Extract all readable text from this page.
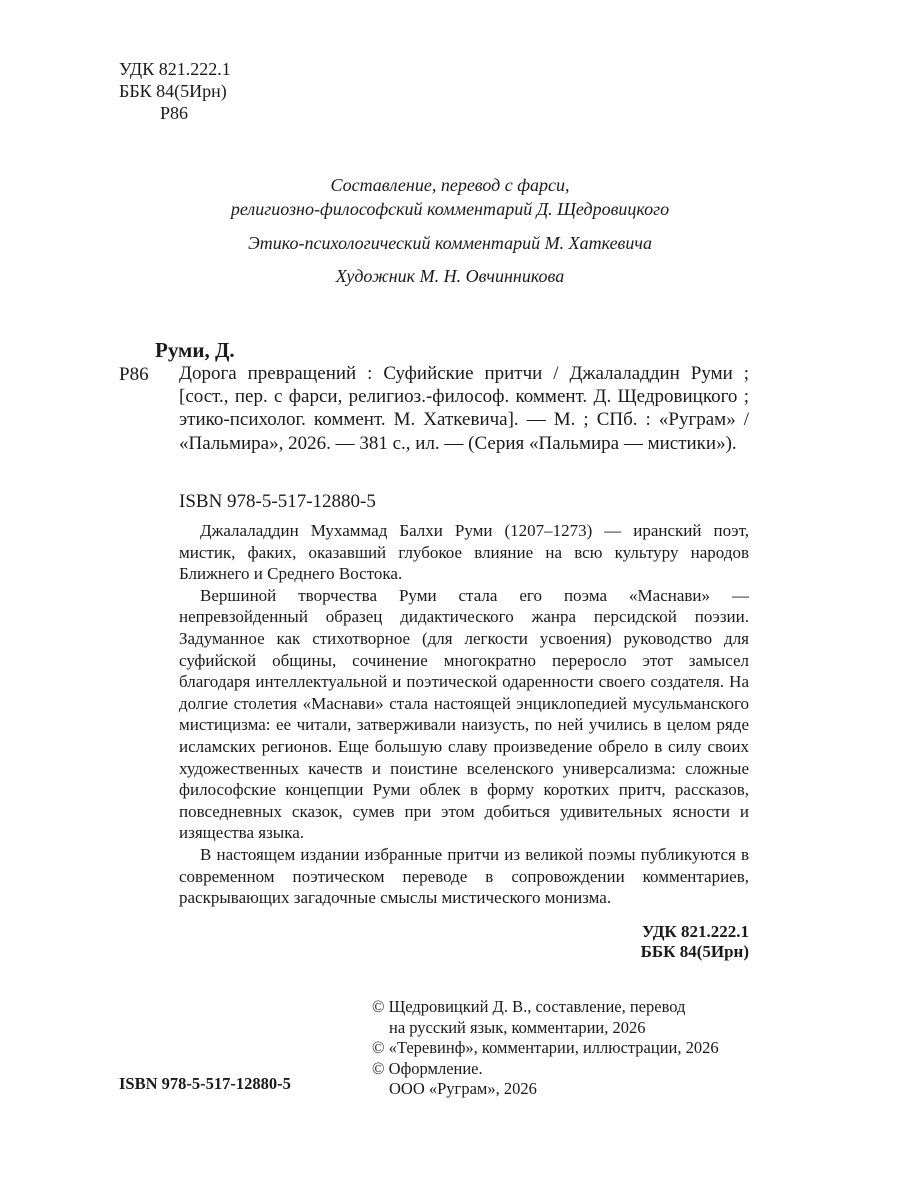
УДК 821.222.1
ББК 84(5Ирн)
Р86
Составление, перевод с фарси,
религиозно-философский комментарий Д. Щедровицкого
Этико-психологический комментарий М. Хаткевича
Художник М. Н. Овчинникова
Руми, Д.
Р86 Дорога превращений : Суфийские притчи / Джалаладдин Руми ; [сост., пер. с фарси, религиоз.-философ. коммент. Д. Щедровицкого ; этико-психолог. коммент. М. Хаткевича]. — М. ; СПб. : «Руграм» / «Пальмира», 2026. — 381 с., ил. — (Серия «Пальмира — мистики»).
ISBN 978-5-517-12880-5

Джалаладдин Мухаммад Балхи Руми (1207–1273) — иранский поэт, мистик, факих, оказавший глубокое влияние на всю культуру народов Ближнего и Среднего Востока.

Вершиной творчества Руми стала его поэма «Маснави» — непревзойденный образец дидактического жанра персидской поэзии. Задуманное как стихотворное (для легкости усвоения) руководство для суфийской общины, сочинение многократно переросло этот замысел благодаря интеллектуальной и поэтической одаренности своего создателя. На долгие столетия «Маснави» стала настоящей энциклопедией мусульманского мистицизма: ее читали, затверживали наизусть, по ней учились в целом ряде исламских регионов. Еще большую славу произведение обрело в силу своих художественных качеств и поистине вселенского универсализма: сложные философские концепции Руми облек в форму коротких притч, рассказов, повседневных сказок, сумев при этом добиться удивительных ясности и изящества языка.

В настоящем издании избранные притчи из великой поэмы публикуются в современном поэтическом переводе в сопровождении комментариев, раскрывающих загадочные смыслы мистического монизма.

УДК 821.222.1
ББК 84(5Ирн)
© Щедровицкий Д. В., составление, перевод
на русский язык, комментарии, 2026
© «Теревинф», комментарии, иллюстрации, 2026
© Оформление.
ООО «Руграм», 2026
ISBN 978-5-517-12880-5
